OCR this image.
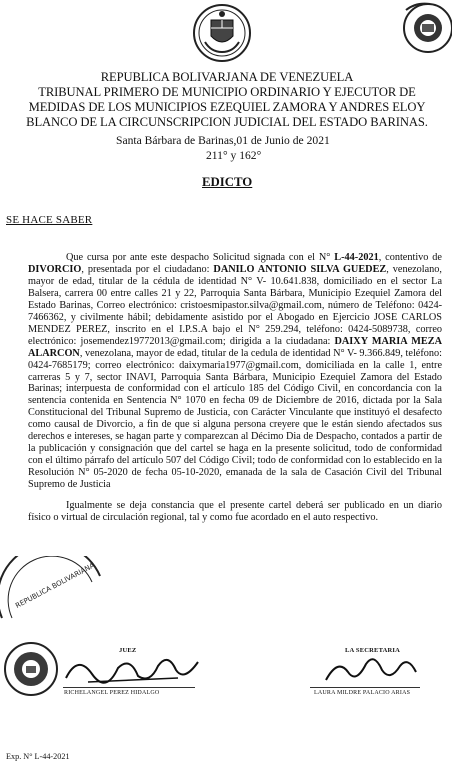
REPUBLICA BOLIVARJANA DE VENEZUELA
TRIBUNAL PRIMERO DE MUNICIPIO ORDINARIO Y EJECUTOR DE
MEDIDAS DE LOS MUNICIPIOS EZEQUIEL ZAMORA Y ANDRES ELOY
BLANCO DE LA CIRCUNSCRIPCION JUDICIAL DEL ESTADO BARINAS.
Santa Bárbara de Barinas,01 de Junio de 2021
211° y 162°
EDICTO
SE HACE SABER

Que cursa por ante este despacho Solicitud signada con el N° L-44-2021, contentivo de DIVORCIO, presentada por el ciudadano: DANILO ANTONIO SILVA GUEDEZ, venezolano, mayor de edad, titular de la cédula de identidad N° V- 10.641.838, domiciliado en el sector La Balsera, carrera 00 entre calles 21 y 22, Parroquia Santa Bárbara, Municipio Ezequiel Zamora del Estado Barinas, Correo electrónico: cristoesmipastor.silva@gmail.com, número de Teléfono: 0424-7466362, y civilmente hábil; debidamente asistido por el Abogado en Ejercicio JOSE CARLOS MENDEZ PEREZ, inscrito en el I.P.S.A bajo el N° 259.294, teléfono: 0424-5089738, correo electrónico: josemendez19772013@gmail.com; dirigida a la ciudadana: DAIXY MARIA MEZA ALARCON, venezolana, mayor de edad, titular de la cedula de identidad N° V- 9.366.849, teléfono: 0424-7685179; correo electrónico: daixymaria1977@gmail.com, domiciliada en la calle 1, entre carreras 5 y 7, sector INAVI, Parroquia Santa Bárbara, Municipio Ezequiel Zamora del Estado Barinas; interpuesta de conformidad con el artículo 185 del Código Civil, en concordancia con la sentencia contenida en Sentencia N° 1070 en fecha 09 de Diciembre de 2016, dictada por la Sala Constitucional del Tribunal Supremo de Justicia, con Carácter Vinculante que instituyó el desafecto como causal de Divorcio, a fin de que si alguna persona creyere que le están siendo afectados sus derechos e intereses, se hagan parte y comparezcan al Décimo Dia de Despacho, contados a partir de la publicación y consignación que del cartel se haga en la presente solicitud, todo de conformidad con el último párrafo del artículo 507 del Código Civil; todo de conformidad con lo establecido en la Resolución N° 05-2020 de fecha 05-10-2020, emanada de la sala de Casación Civil del Tribunal Supremo de Justicia

Igualmente se deja constancia que el presente cartel deberá ser publicado en un diario físico o virtual de circulación regional, tal y como fue acordado en el auto respectivo.

REPUBLICA BOLIVARIANA
JUEZ	LA SECRETARIA
RICHELANGEL PEREZ HIDALGO	LAURA MILDRE PALACIO ARIAS
Exp. N° L-44-2021
